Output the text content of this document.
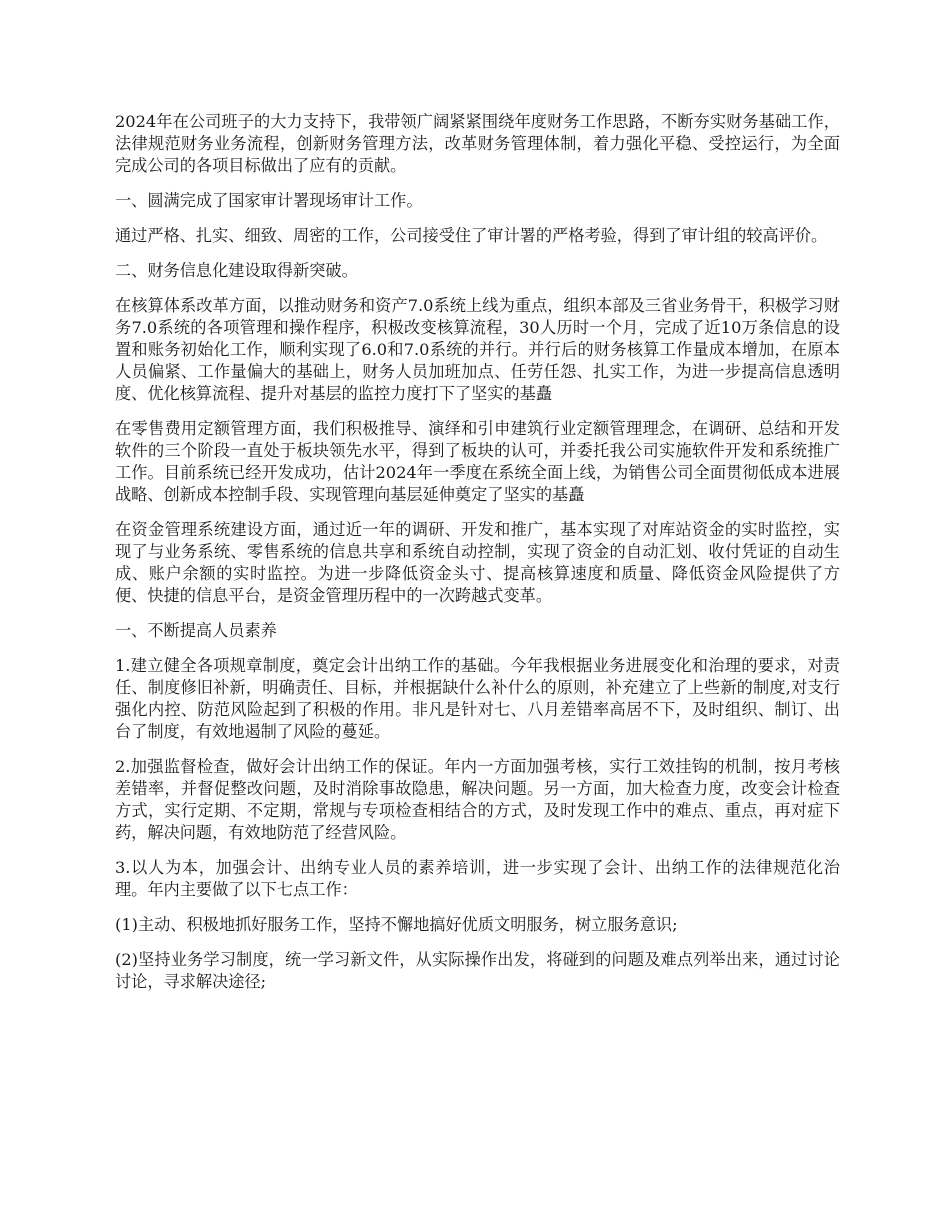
2024年在公司班子的大力支持下，我带领广阔紧紧围绕年度财务工作思路，不断夯实财务基础工作，法律规范财务业务流程，创新财务管理方法，改革财务管理体制，着力强化平稳、受控运行，为全面完成公司的各项目标做出了应有的贡献。

一、圆满完成了国家审计署现场审计工作。

通过严格、扎实、细致、周密的工作，公司接受住了审计署的严格考验，得到了审计组的较高评价。

二、财务信息化建设取得新突破。

在核算体系改革方面，以推动财务和资产7.0系统上线为重点，组织本部及三省业务骨干，积极学习财务7.0系统的各项管理和操作程序，积极改变核算流程，30人历时一个月，完成了近10万条信息的设置和账务初始化工作，顺利实现了6.0和7.0系统的并行。并行后的财务核算工作量成本增加，在原本人员偏紧、工作量偏大的基础上，财务人员加班加点、任劳任怨、扎实工作，为进一步提高信息透明度、优化核算流程、提升对基层的监控力度打下了坚实的基矗

在零售费用定额管理方面，我们积极推导、演绎和引申建筑行业定额管理理念，在调研、总结和开发软件的三个阶段一直处于板块领先水平，得到了板块的认可，并委托我公司实施软件开发和系统推广工作。目前系统已经开发成功，估计2024年一季度在系统全面上线，为销售公司全面贯彻低成本进展战略、创新成本控制手段、实现管理向基层延伸奠定了坚实的基矗

在资金管理系统建设方面，通过近一年的调研、开发和推广，基本实现了对库站资金的实时监控，实现了与业务系统、零售系统的信息共享和系统自动控制，实现了资金的自动汇划、收付凭证的自动生成、账户余额的实时监控。为进一步降低资金头寸、提高核算速度和质量、降低资金风险提供了方便、快捷的信息平台，是资金管理历程中的一次跨越式变革。

一、不断提高人员素养

1.建立健全各项规章制度，奠定会计出纳工作的基础。今年我根据业务进展变化和治理的要求，对责任、制度修旧补新，明确责任、目标，并根据缺什么补什么的原则，补充建立了上些新的制度,对支行强化内控、防范风险起到了积极的作用。非凡是针对七、八月差错率高居不下，及时组织、制订、出台了制度，有效地遏制了风险的蔓延。

2.加强监督检查，做好会计出纳工作的保证。年内一方面加强考核，实行工效挂钩的机制，按月考核差错率，并督促整改问题，及时消除事故隐患，解决问题。另一方面，加大检查力度，改变会计检查方式，实行定期、不定期，常规与专项检查相结合的方式，及时发现工作中的难点、重点，再对症下药，解决问题，有效地防范了经营风险。

3.以人为本，加强会计、出纳专业人员的素养培训，进一步实现了会计、出纳工作的法律规范化治理。年内主要做了以下七点工作：

(1)主动、积极地抓好服务工作，坚持不懈地搞好优质文明服务，树立服务意识;

(2)坚持业务学习制度，统一学习新文件，从实际操作出发，将碰到的问题及难点列举出来，通过讨论讨论，寻求解决途径;
